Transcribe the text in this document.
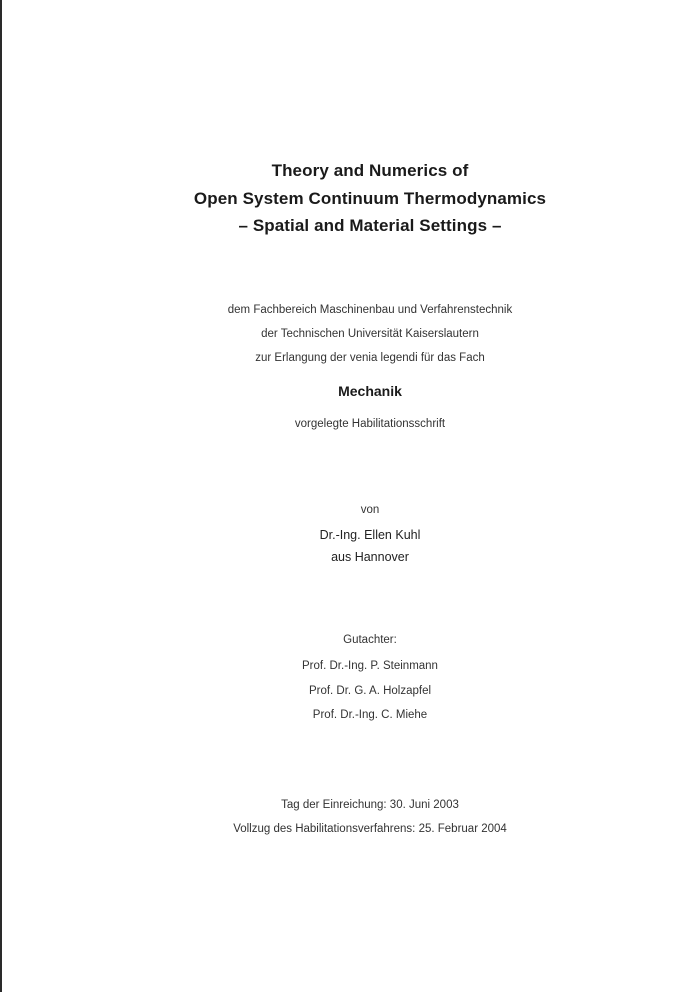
Theory and Numerics of
Open System Continuum Thermodynamics
– Spatial and Material Settings –
dem Fachbereich Maschinenbau und Verfahrenstechnik
der Technischen Universität Kaiserslautern
zur Erlangung der venia legendi für das Fach
Mechanik
vorgelegte Habilitationsschrift
von
Dr.-Ing. Ellen Kuhl
aus Hannover
Gutachter:
Prof. Dr.-Ing. P. Steinmann
Prof. Dr. G. A. Holzapfel
Prof. Dr.-Ing. C. Miehe
Tag der Einreichung: 30. Juni 2003
Vollzug des Habilitationsverfahrens: 25. Februar 2004
